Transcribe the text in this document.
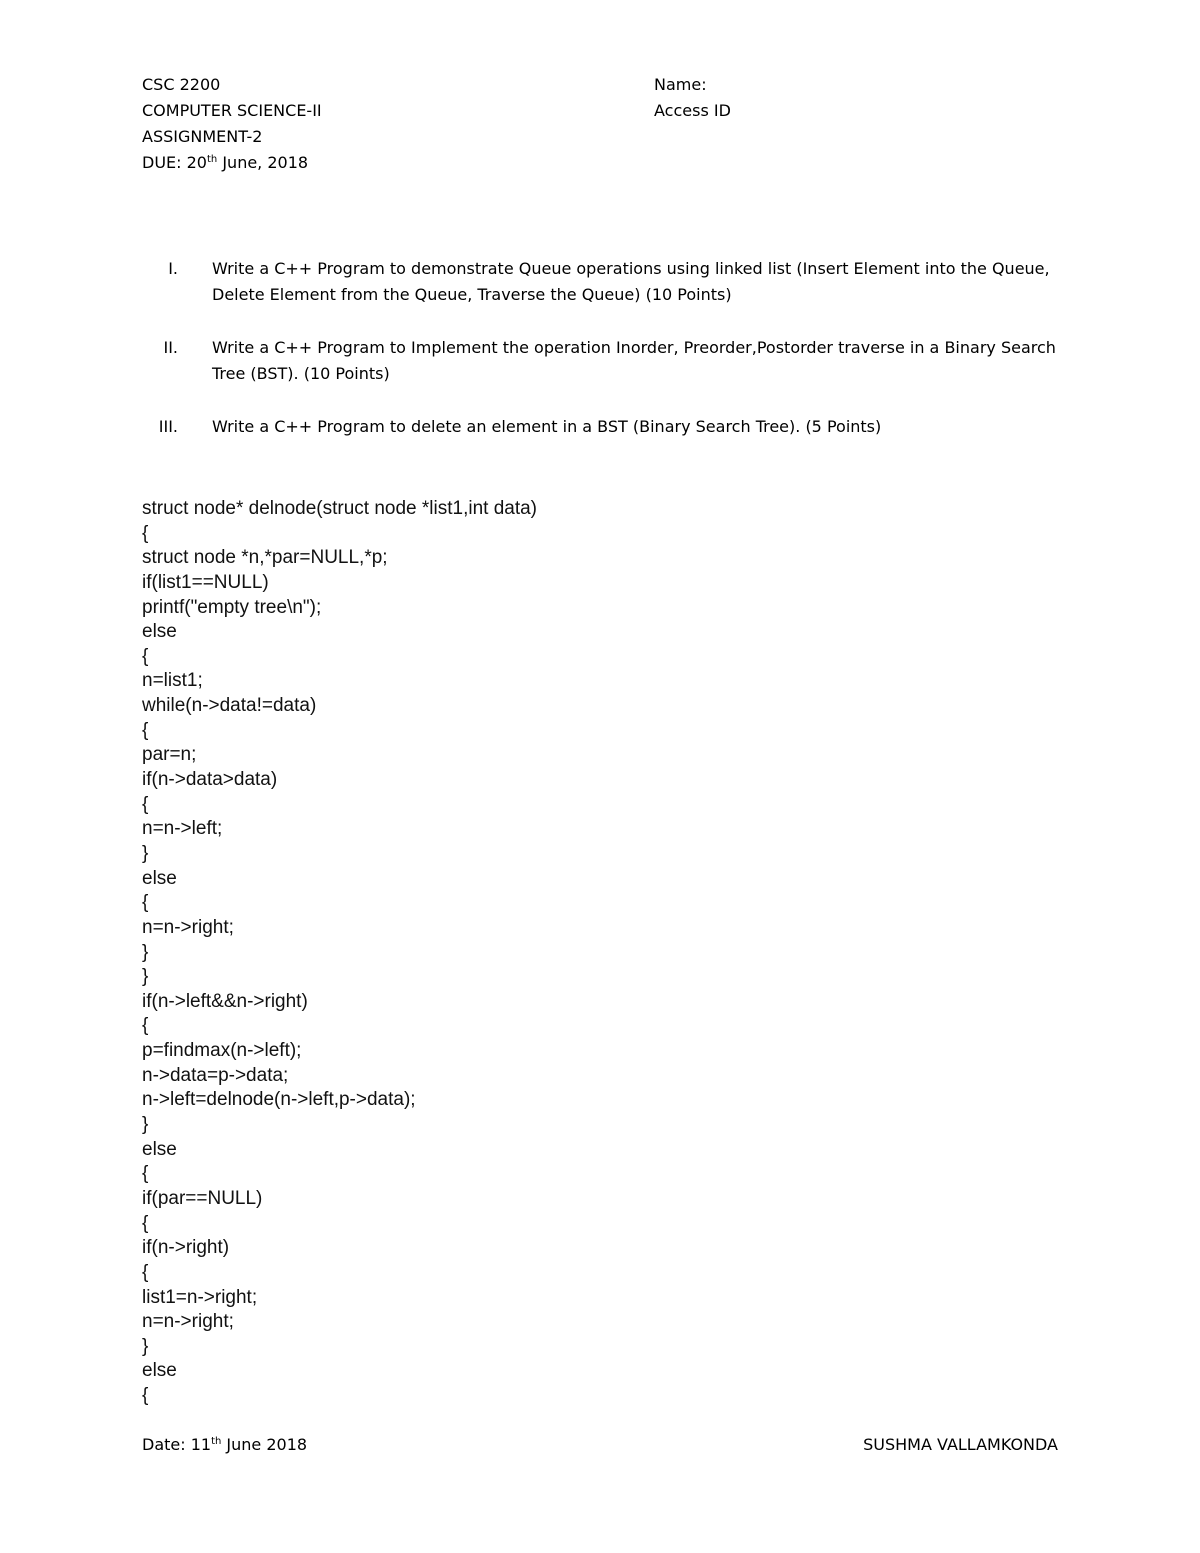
CSC 2200
COMPUTER SCIENCE-II
ASSIGNMENT-2
DUE: 20th June, 2018
Name:
Access ID
I. Write a C++ Program to demonstrate Queue operations using linked list (Insert Element into the Queue, Delete Element from the Queue, Traverse the Queue) (10 Points)
II. Write a C++ Program to Implement the operation Inorder, Preorder,Postorder traverse in a Binary Search Tree (BST). (10 Points)
III. Write a C++ Program to delete an element in a BST (Binary Search Tree). (5 Points)
struct node* delnode(struct node *list1,int data)
{
struct node *n,*par=NULL,*p;
if(list1==NULL)
printf("empty tree\n");
else
{
n=list1;
while(n->data!=data)
{
par=n;
if(n->data>data)
{
n=n->left;
}
else
{
n=n->right;
}
}
if(n->left&&n->right)
{
p=findmax(n->left);
n->data=p->data;
n->left=delnode(n->left,p->data);
}
else
{
if(par==NULL)
{
if(n->right)
{
list1=n->right;
n=n->right;
}
else
{
Date: 11th June 2018	SUSHMA VALLAMKONDA
